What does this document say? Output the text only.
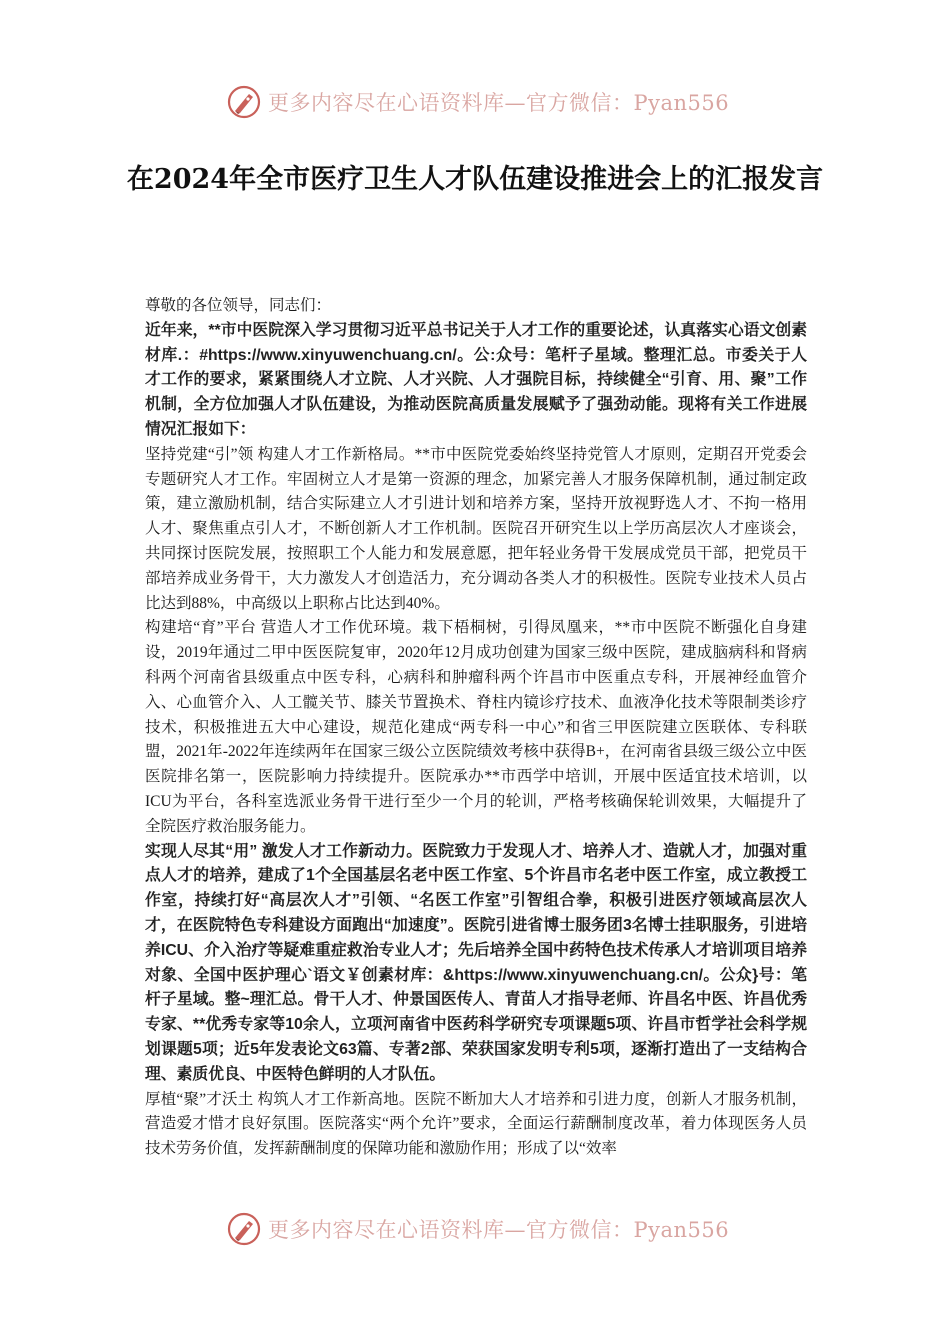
更多内容尽在心语资料库—官方微信：Pyan556
在2024年全市医疗卫生人才队伍建设推进会上的汇报发言

尊敬的各位领导，同志们：

近年来，**市中医院深入学习贯彻习近平总书记关于人才工作的重要论述，认真落实心语文创素材库.：#https://www.xinyuwenchuang.cn/。公:众号：笔杆子星域。整理汇总。市委关于人才工作的要求，紧紧围绕人才立院、人才兴院、人才强院目标，持续健全“引育、用、聚”工作机制，全方位加强人才队伍建设，为推动医院高质量发展赋予了强劲动能。现将有关工作进展情况汇报如下：

坚持党建“引”领 构建人才工作新格局。**市中医院党委始终坚持党管人才原则，定期召开党委会专题研究人才工作。牢固树立人才是第一资源的理念，加紧完善人才服务保障机制，通过制定政策，建立激励机制，结合实际建立人才引进计划和培养方案，坚持开放视野选人才、不拘一格用人才、聚焦重点引人才，不断创新人才工作机制。医院召开研究生以上学历高层次人才座谈会，共同探讨医院发展，按照职工个人能力和发展意愿，把年轻业务骨干发展成党员干部，把党员干部培养成业务骨干，大力激发人才创造活力，充分调动各类人才的积极性。医院专业技术人员占比达到88%，中高级以上职称占比达到40%。

构建培“育”平台 营造人才工作优环境。栽下梧桐树，引得凤凰来，**市中医院不断强化自身建设，2019年通过二甲中医医院复审，2020年12月成功创建为国家三级中医院，建成脑病科和肾病科两个河南省县级重点中医专科，心病科和肿瘤科两个许昌市中医重点专科，开展神经血管介入、心血管介入、人工髋关节、膝关节置换术、脊柱内镜诊疗技术、血液净化技术等限制类诊疗技术，积极推进五大中心建设，规范化建成“两专科一中心”和省三甲医院建立医联体、专科联盟，2021年-2022年连续两年在国家三级公立医院绩效考核中获得B+，在河南省县级三级公立中医医院排名第一，医院影响力持续提升。医院承办**市西学中培训，开展中医适宜技术培训，以ICU为平台，各科室选派业务骨干进行至少一个月的轮训，严格考核确保轮训效果，大幅提升了全院医疗救治服务能力。

实现人尽其“用” 激发人才工作新动力。医院致力于发现人才、培养人才、造就人才，加强对重点人才的培养，建成了1个全国基层名老中医工作室、5个许昌市名老中医工作室，成立教授工作室，持续打好“高层次人才”引领、“名医工作室”引智组合拳，积极引进医疗领域高层次人才，在医院特色专科建设方面跑出“加速度”。医院引进省博士服务团3名博士挂职服务，引进培养ICU、介入治疗等疑难重症救治专业人才；先后培养全国中药特色技术传承人才培训项目培养对象、全国中医护理心`语文￥创素材库：&https://www.xinyuwenchuang.cn/。公众}号：笔杆子星域。整~理汇总。骨干人才、仲景国医传人、青苗人才指导老师、许昌名中医、许昌优秀专家、**优秀专家等10余人，立项河南省中医药科学研究专项课题5项、许昌市哲学社会科学规划课题5项；近5年发表论文63篇、专著2部、荣获国家发明专利5项，逐渐打造出了一支结构合理、素质优良、中医特色鲜明的人才队伍。

厚植“聚”才沃土 构筑人才工作新高地。医院不断加大人才培养和引进力度，创新人才服务机制，营造爱才惜才良好氛围。医院落实“两个允许”要求，全面运行薪酬制度改革，着力体现医务人员技术劳务价值，发挥薪酬制度的保障功能和激励作用；形成了以“效率

更多内容尽在心语资料库—官方微信：Pyan556
